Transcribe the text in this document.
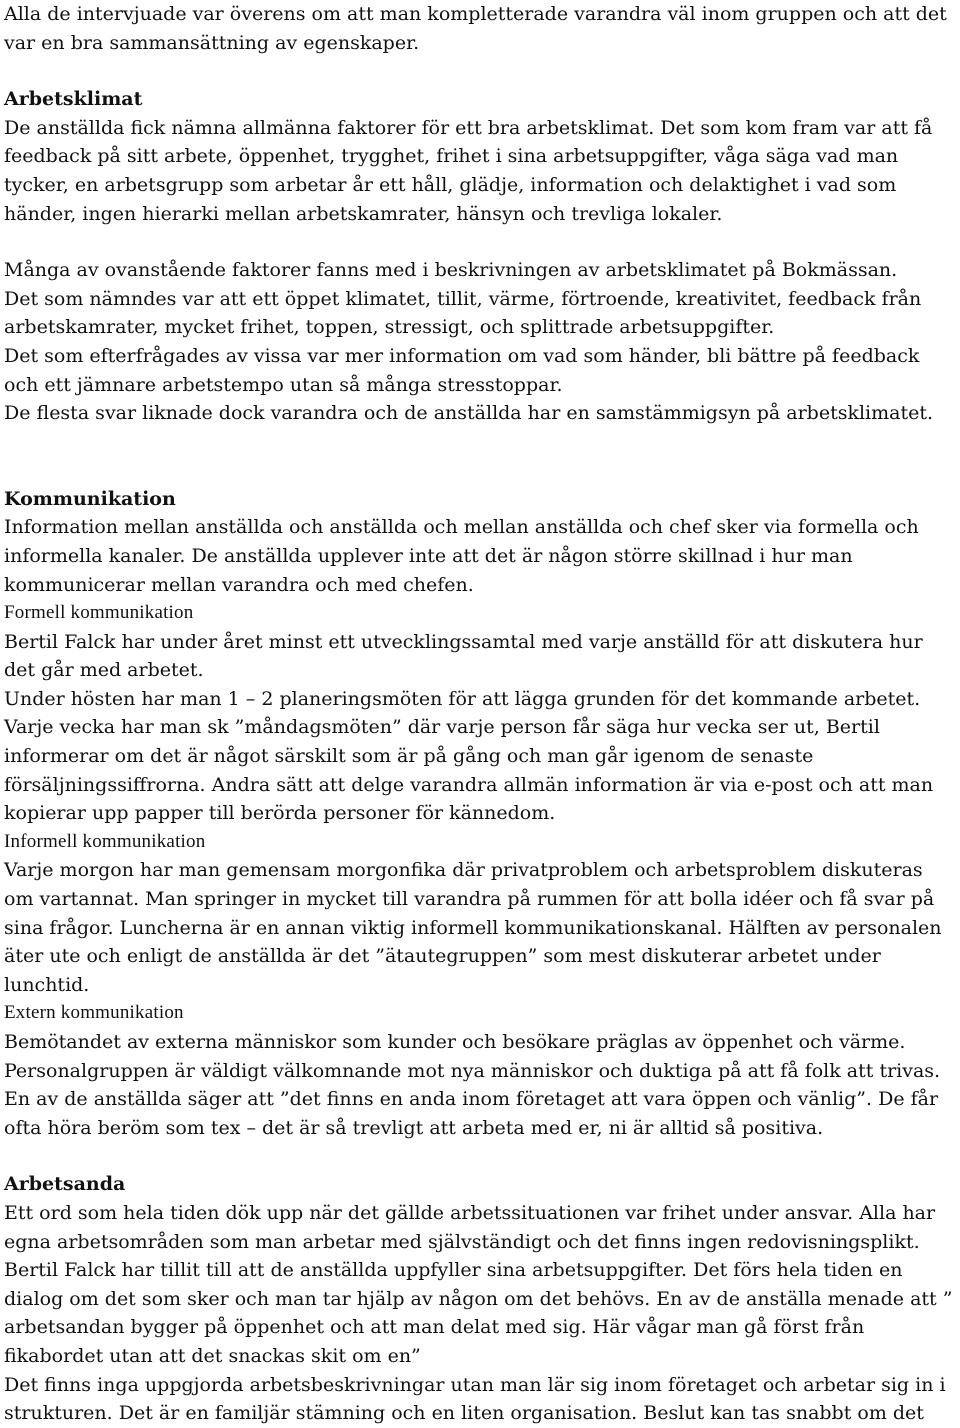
Alla de intervjuade var överens om att man kompletterade varandra väl inom gruppen och att det var en bra sammansättning av egenskaper.

Arbetsklimat

De anställda fick nämna allmänna faktorer för ett bra arbetsklimat. Det som kom fram var att få feedback på sitt arbete, öppenhet, trygghet, frihet i sina arbetsuppgifter, våga säga vad man tycker, en arbetsgrupp som arbetar år ett håll, glädje, information och delaktighet i vad som händer, ingen hierarki mellan arbetskamrater, hänsyn och trevliga lokaler.

Många av ovanstående faktorer fanns med i beskrivningen av arbetsklimatet på Bokmässan.

Det som nämndes var att ett öppet klimatet, tillit, värme, förtroende, kreativitet, feedback från arbetskamrater, mycket frihet, toppen, stressigt, och splittrade arbetsuppgifter.

Det som efterfrågades av vissa var mer information om vad som händer, bli bättre på feedback och ett jämnare arbetstempo utan så många stresstoppar.

De flesta svar liknade dock varandra och de anställda har en samstämmigsyn på arbetsklimatet.

Kommunikation

Information mellan anställda och anställda och mellan anställda och chef sker via formella och informella kanaler. De anställda upplever inte att det är någon större skillnad i hur man kommunicerar mellan varandra och med chefen.

Formell kommunikation

Bertil Falck har under året minst ett utvecklingssamtal med varje anställd för att diskutera hur det går med arbetet.

Under hösten har man 1 – 2 planeringsmöten för att lägga grunden för det kommande arbetet. Varje vecka har man sk ”måndagsmöten” där varje person får säga hur vecka ser ut, Bertil informerar om det är något särskilt som är på gång och man går igenom de senaste försäljningssiffrorna. Andra sätt att delge varandra allmän information är via e-post och att man kopierar upp papper till berörda personer för kännedom.

Informell kommunikation

Varje morgon har man gemensam morgonfika där privatproblem och arbetsproblem diskuteras om vartannat. Man springer in mycket till varandra på rummen för att bolla idéer och få svar på sina frågor. Luncherna är en annan viktig informell kommunikationskanal. Hälften av personalen äter ute och enligt de anställda är det ”ätautegruppen” som mest diskuterar arbetet under lunchtid.

Extern kommunikation

Bemötandet av externa människor som kunder och besökare präglas av öppenhet och värme. Personalgruppen är väldigt välkomnande mot nya människor och duktiga på att få folk att trivas. En av de anställda säger att ”det finns en anda inom företaget att vara öppen och vänlig”. De får ofta höra beröm som tex – det är så trevligt att arbeta med er, ni är alltid så positiva.

Arbetsanda

Ett ord som hela tiden dök upp när det gällde arbetssituationen var frihet under ansvar. Alla har egna arbetsområden som man arbetar med självständigt och det finns ingen redovisningsplikt. Bertil Falck har tillit till att de anställda uppfyller sina arbetsuppgifter. Det förs hela tiden en dialog om det som sker och man tar hjälp av någon om det behövs. En av de anställa menade att ” arbetsandan bygger på öppenhet och att man delat med sig. Här vågar man gå först från fikabordet utan att det snackas skit om en”

Det finns inga uppgjorda arbetsbeskrivningar utan man lär sig inom företaget och arbetar sig in i strukturen. Det är en familjär stämning och en liten organisation. Beslut kan tas snabbt om det
